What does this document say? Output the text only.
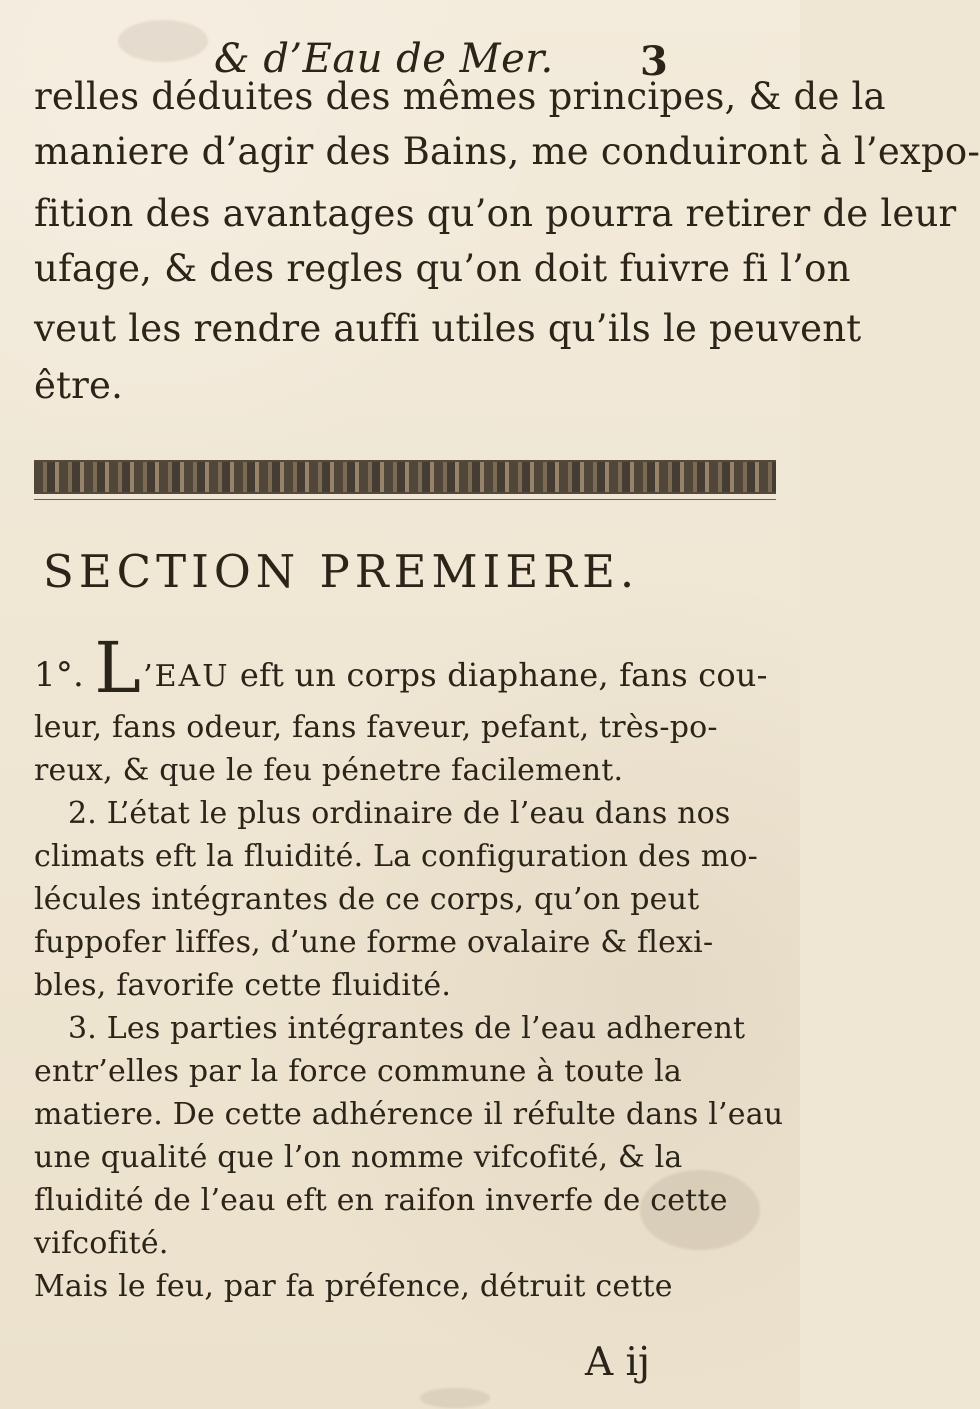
& d’Eau de Mer. 3
relles déduites des mêmes principes, & de la
maniere d’agir des Bains, me conduiront à l’expo-
fition des avantages qu’on pourra retirer de leur
ufage, & des regles qu’on doit fuivre fi l’on
veut les rendre auffi utiles qu’ils le peuvent
être.
SECTION PREMIERE.
1°. L’EAU eft un corps diaphane, fans cou-
leur, fans odeur, fans faveur, pefant, très-po-
reux, & que le feu pénetre facilement.
2. L’état le plus ordinaire de l’eau dans nos
climats eft la fluidité. La configuration des mo-
lécules intégrantes de ce corps, qu’on peut
fuppofer liffes, d’une forme ovalaire & flexi-
bles, favorife cette fluidité.
3. Les parties intégrantes de l’eau adherent
entr’elles par la force commune à toute la
matiere. De cette adhérence il réfulte dans l’eau
une qualité que l’on nomme vifcofité, & la
fluidité de l’eau eft en raifon inverfe de cette
vifcofité.
Mais le feu, par fa préfence, détruit cette
A ij
